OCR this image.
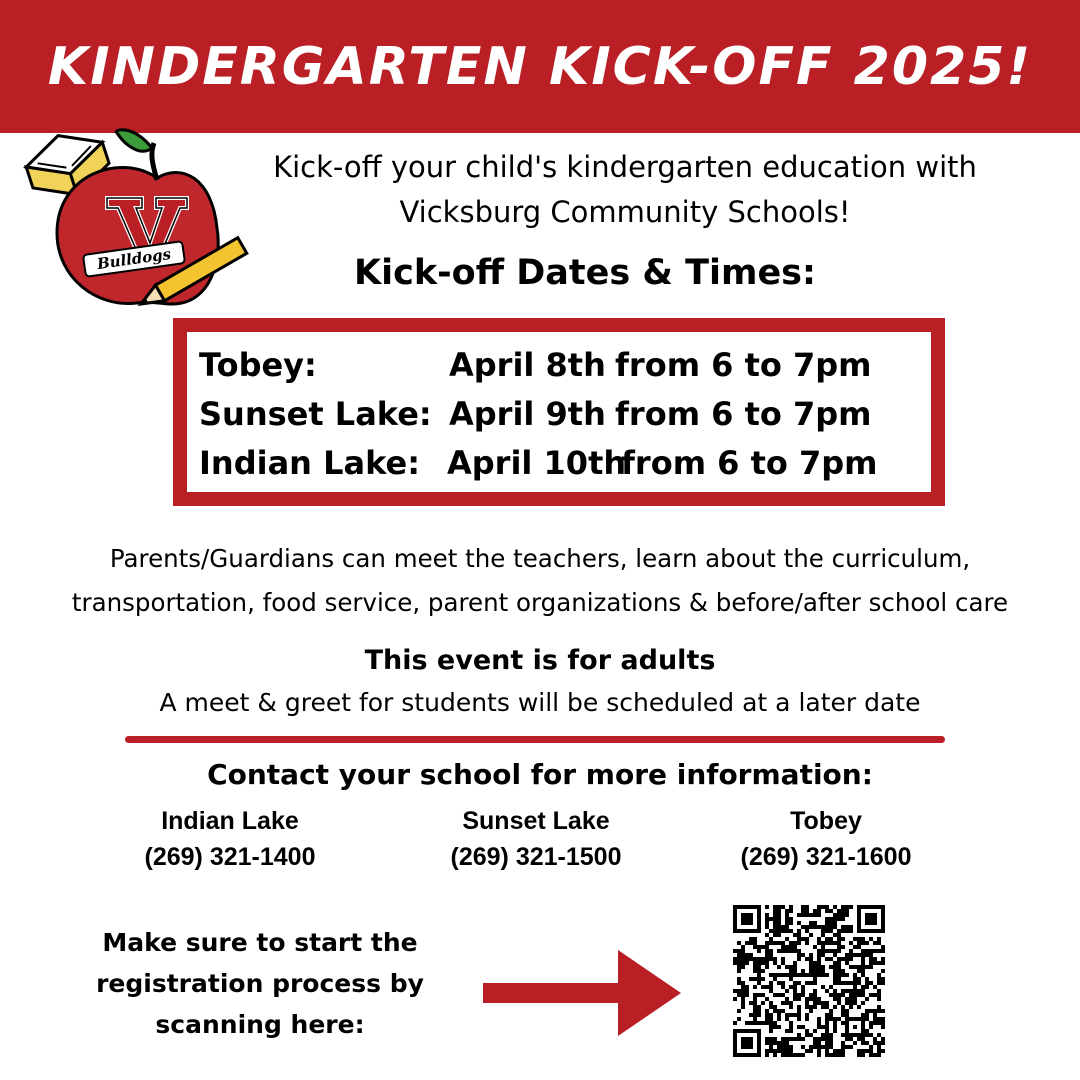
KINDERGARTEN KICK-OFF 2025!
Bulldogs
Kick-off your child's kindergarten education with
Vicksburg Community Schools!
Kick-off Dates & Times:
Tobey:	April 8th from 6 to 7pm
Sunset Lake: April 9th from 6 to 7pm
Indian Lake: April 10th
from 6 to 7pm
Parents/Guardians can meet the teachers, learn about the curriculum,
transportation, food service, parent organizations & before/after school care
This event is for adults
A meet & greet for students will be scheduled at a later date
Contact your school for more information:
Indian Lake
(269) 321-1400
Sunset Lake
(269) 321-1500
Tobey
(269) 321-1600
Make sure to start the
registration process by
scanning here:
